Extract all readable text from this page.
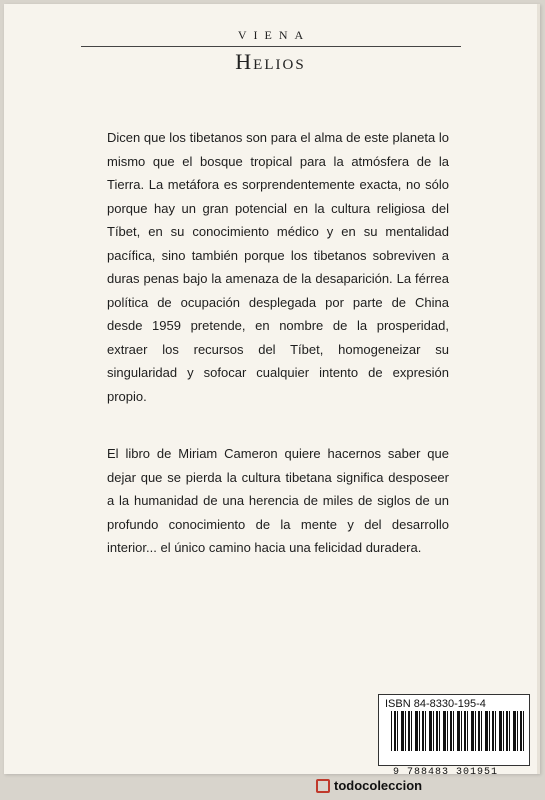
VIENA
Helios

Dicen que los tibetanos son para el alma de este planeta lo mismo que el bosque tropical para la atmósfera de la Tierra. La metáfora es sorprendentemente exacta, no sólo porque hay un gran potencial en la cultura religiosa del Tíbet, en su conocimiento médico y en su mentalidad pacífica, sino también porque los tibetanos sobreviven a duras penas bajo la amenaza de la desaparición. La férrea política de ocupación desplegada por parte de China desde 1959 pretende, en nombre de la prosperidad, extraer los recursos del Tíbet, homogeneizar su singularidad y sofocar cualquier intento de expresión propio.

El libro de Miriam Cameron quiere hacernos saber que dejar que se pierda la cultura tibetana significa desposeer a la humanidad de una herencia de miles de siglos de un profundo conocimiento de la mente y del desarrollo interior... el único camino hacia una felicidad duradera.

ISBN 84-8330-195-4
9 788483 301951
todocoleccion
